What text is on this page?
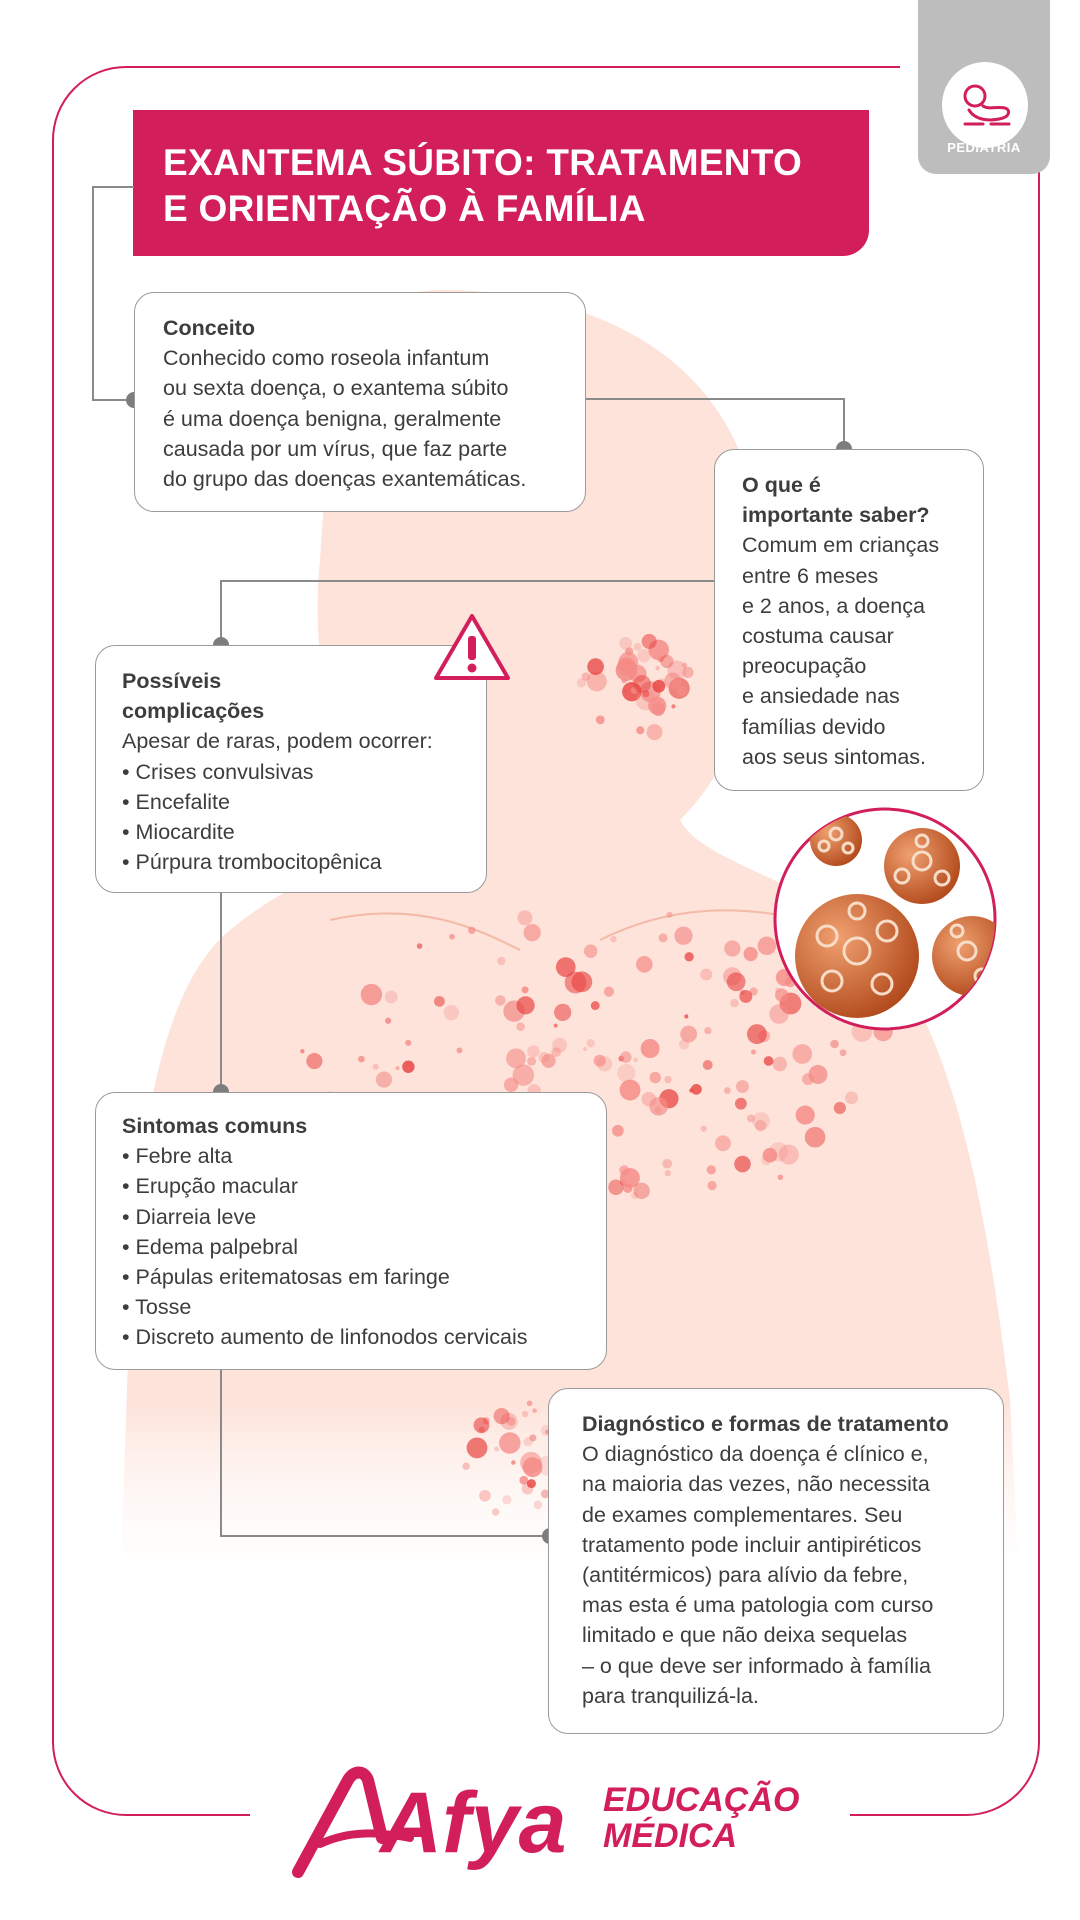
PEDIATRIA
EXANTEMA SÚBITO: TRATAMENTO
E ORIENTAÇÃO À FAMÍLIA
Conceito
Conhecido como roseola infantum
ou sexta doença, o exantema súbito
é uma doença benigna, geralmente
causada por um vírus, que faz parte
do grupo das doenças exantemáticas.	O que é
importante saber?
Comum em crianças
entre 6 meses
e 2 anos, a doença
costuma causar
preocupação
e ansiedade nas
famílias devido
aos seus sintomas.
Possíveis
complicações
Apesar de raras, podem ocorrer:
• Crises convulsivas
• Encefalite
• Miocardite
• Púrpura trombocitopênica
Sintomas comuns
• Febre alta
• Erupção macular
• Diarreia leve
• Edema palpebral
• Pápulas eritematosas em faringe
• Tosse
• Discreto aumento de linfonodos cervicais
Diagnóstico e formas de tratamento
O diagnóstico da doença é clínico e,
na maioria das vezes, não necessita
de exames complementares. Seu
tratamento pode incluir antipiréticos
(antitérmicos) para alívio da febre,
mas esta é uma patologia com curso
limitado e que não deixa sequelas
– o que deve ser informado à família
para tranquilizá-la.
Afya EDUCAÇÃO
MÉDICA
